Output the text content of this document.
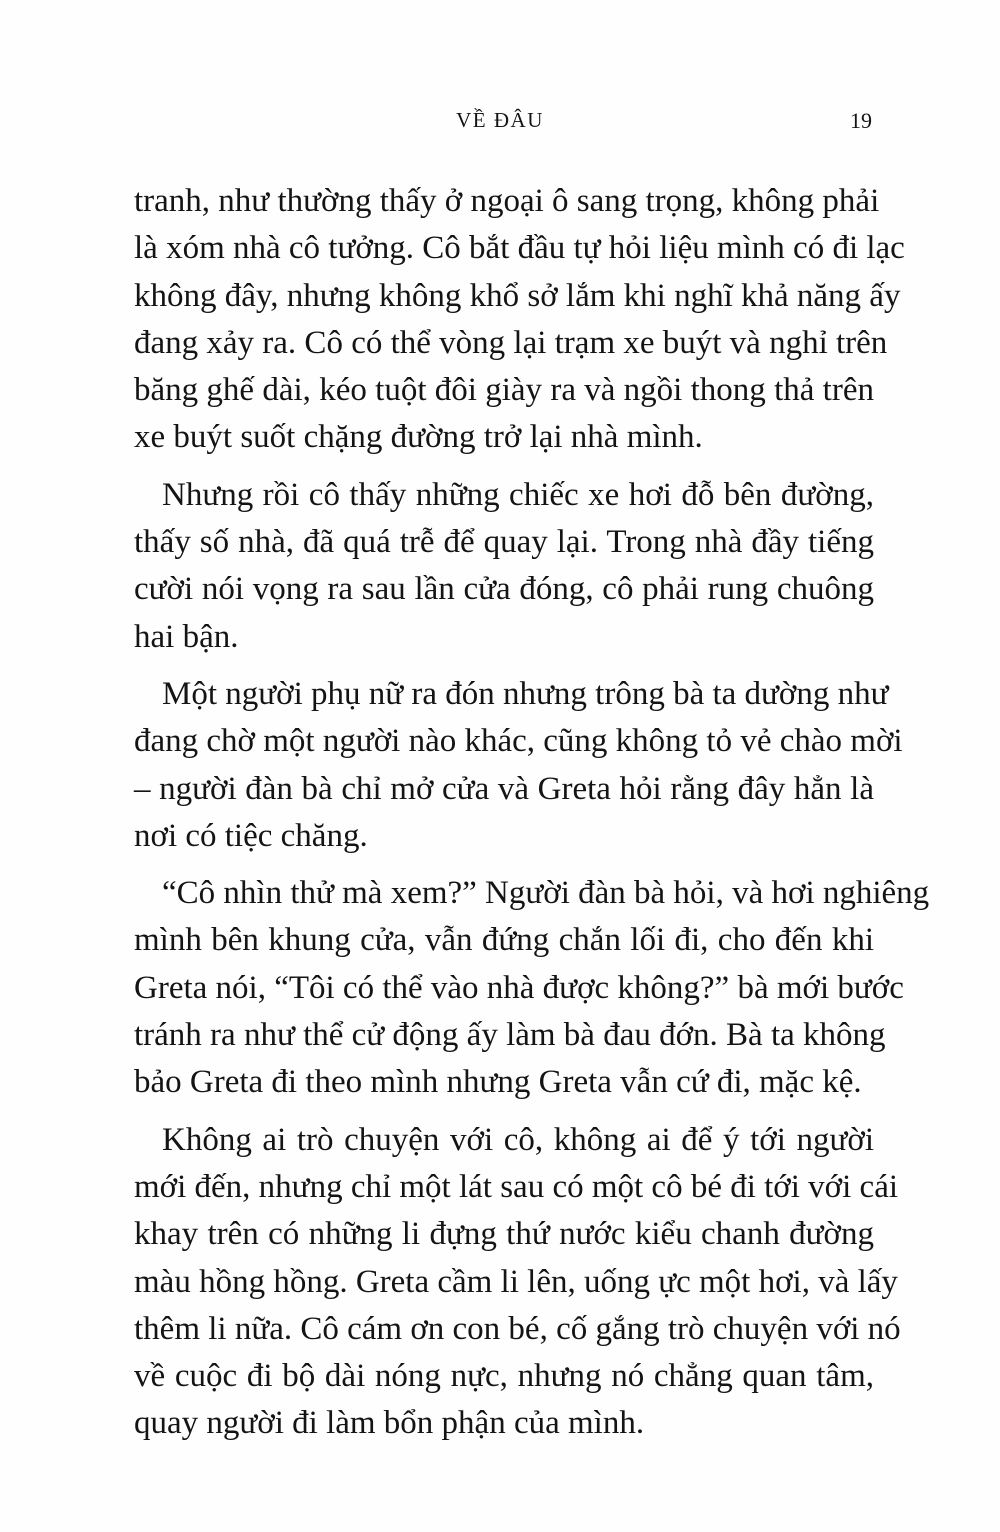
VỀ ĐÂU	19
tranh, như thường thấy ở ngoại ô sang trọng, không phải
là xóm nhà cô tưởng. Cô bắt đầu tự hỏi liệu mình có đi lạc
không đây, nhưng không khổ sở lắm khi nghĩ khả năng ấy
đang xảy ra. Cô có thể vòng lại trạm xe buýt và nghỉ trên
băng ghế dài, kéo tuột đôi giày ra và ngồi thong thả trên
xe buýt suốt chặng đường trở lại nhà mình.
Nhưng rồi cô thấy những chiếc xe hơi đỗ bên đường,
thấy số nhà, đã quá trễ để quay lại. Trong nhà đầy tiếng
cười nói vọng ra sau lần cửa đóng, cô phải rung chuông
hai bận.
Một người phụ nữ ra đón nhưng trông bà ta dường như
đang chờ một người nào khác, cũng không tỏ vẻ chào mời
– người đàn bà chỉ mở cửa và Greta hỏi rằng đây hẳn là
nơi có tiệc chăng.
“Cô nhìn thử mà xem?” Người đàn bà hỏi, và hơi nghiêng
mình bên khung cửa, vẫn đứng chắn lối đi, cho đến khi
Greta nói, “Tôi có thể vào nhà được không?” bà mới bước
tránh ra như thể cử động ấy làm bà đau đớn. Bà ta không
bảo Greta đi theo mình nhưng Greta vẫn cứ đi, mặc kệ.
Không ai trò chuyện với cô, không ai để ý tới người
mới đến, nhưng chỉ một lát sau có một cô bé đi tới với cái
khay trên có những li đựng thứ nước kiểu chanh đường
màu hồng hồng. Greta cầm li lên, uống ực một hơi, và lấy
thêm li nữa. Cô cám ơn con bé, cố gắng trò chuyện với nó
về cuộc đi bộ dài nóng nực, nhưng nó chẳng quan tâm,
quay người đi làm bổn phận của mình.
